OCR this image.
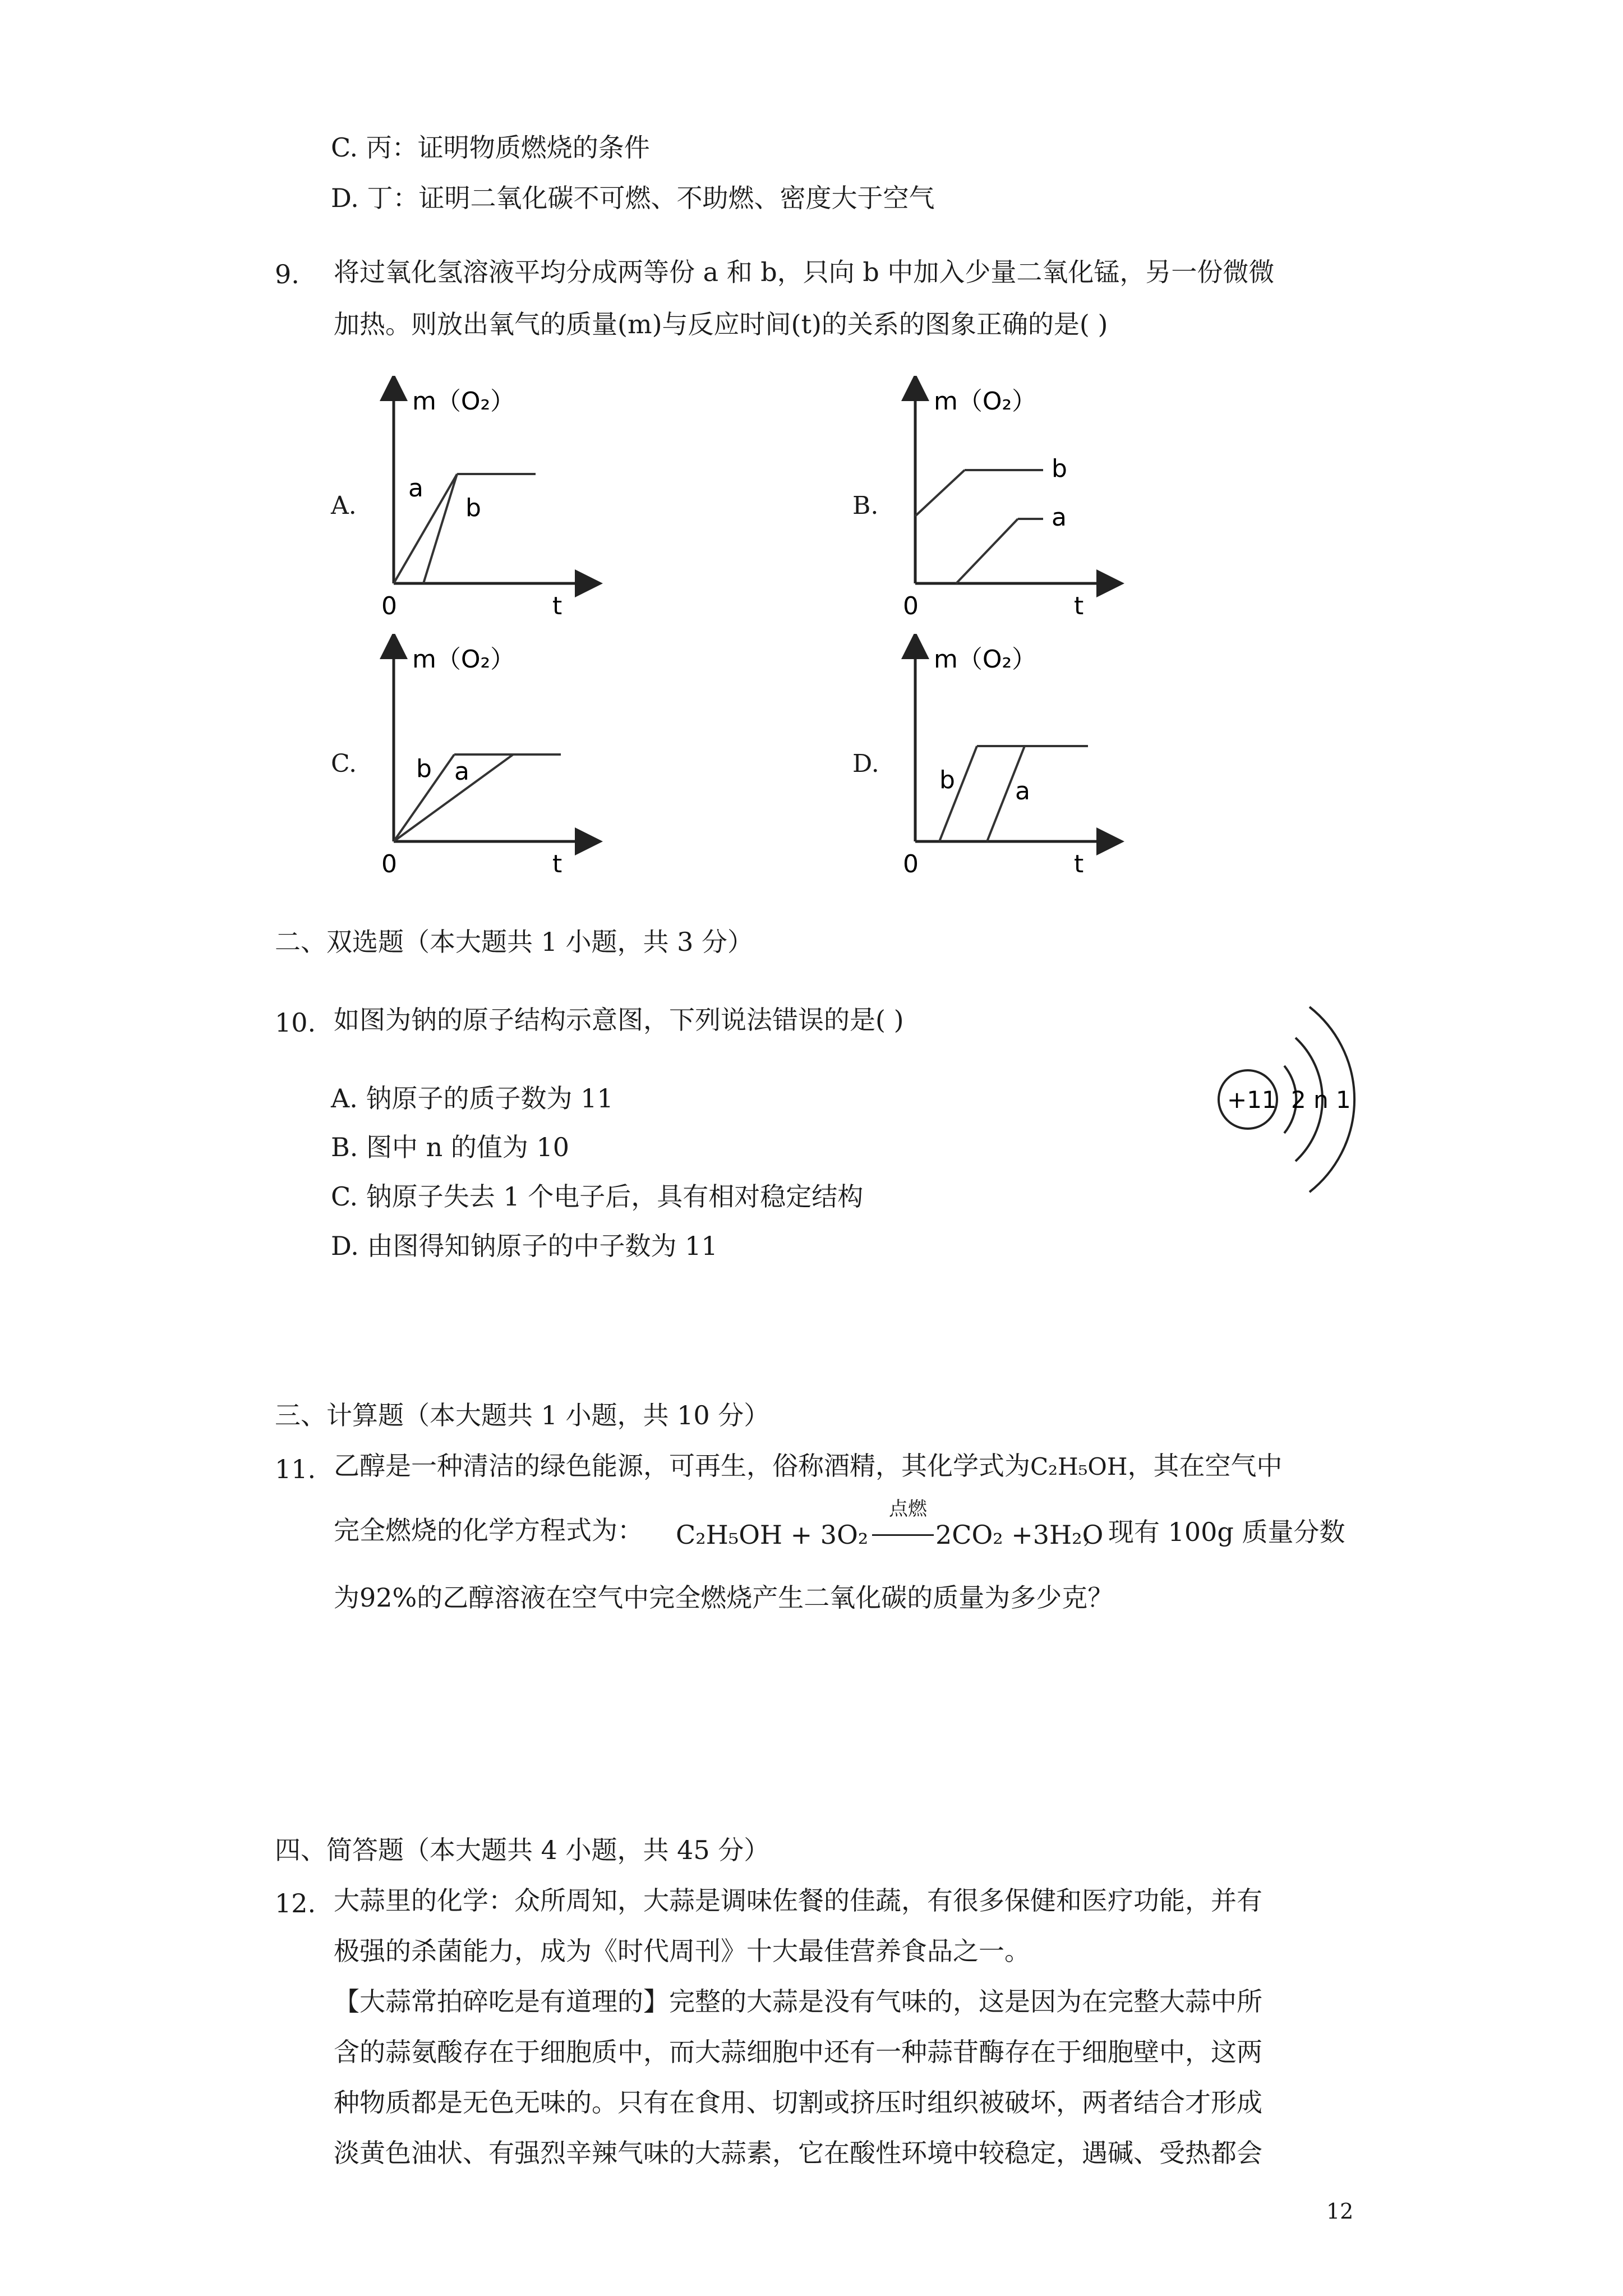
C. 丙：证明物质燃烧的条件
D. 丁：证明二氧化碳不可燃、不助燃、密度大于空气
9. 将过氧化氢溶液平均分成两等份 a 和 b，只向 b 中加入少量二氧化锰，另一份微微
加热。则放出氧气的质量(m)与反应时间(t)的关系的图象正确的是( )
A.
m（O₂）
a
b
0	t
B.
m（O₂）
b
a
0	t
C.
m（O₂）
b a
0	t
D.
m（O₂）
b a
0	t
二、双选题（本大题共 1 小题，共 3 分）
10. 如图为钠的原子结构示意图，下列说法错误的是( )
A. 钠原子的质子数为 11
B. 图中 n 的值为 10
C. 钠原子失去 1 个电子后，具有相对稳定结构
D. 由图得知钠原子的中子数为 11
+11 2 n 1
三、计算题（本大题共 1 小题，共 10 分）
11. 乙醇是一种清洁的绿色能源，可再生，俗称酒精，其化学式为C₂H₅OH，其在空气中
完全燃烧的化学方程式为： C₂H₅OH + 3O₂
点燃
2CO₂ +3H₂O
，现有 100g 质量分数
为92%的乙醇溶液在空气中完全燃烧产生二氧化碳的质量为多少克？
四、简答题（本大题共 4 小题，共 45 分）
12. 大蒜里的化学：众所周知，大蒜是调味佐餐的佳蔬，有很多保健和医疗功能，并有
极强的杀菌能力，成为《时代周刊》十大最佳营养食品之一。
【大蒜常拍碎吃是有道理的】完整的大蒜是没有气味的，这是因为在完整大蒜中所
含的蒜氨酸存在于细胞质中，而大蒜细胞中还有一种蒜苷酶存在于细胞壁中，这两
种物质都是无色无味的。只有在食用、切割或挤压时组织被破坏，两者结合才形成
淡黄色油状、有强烈辛辣气味的大蒜素，它在酸性环境中较稳定，遇碱、受热都会
12
